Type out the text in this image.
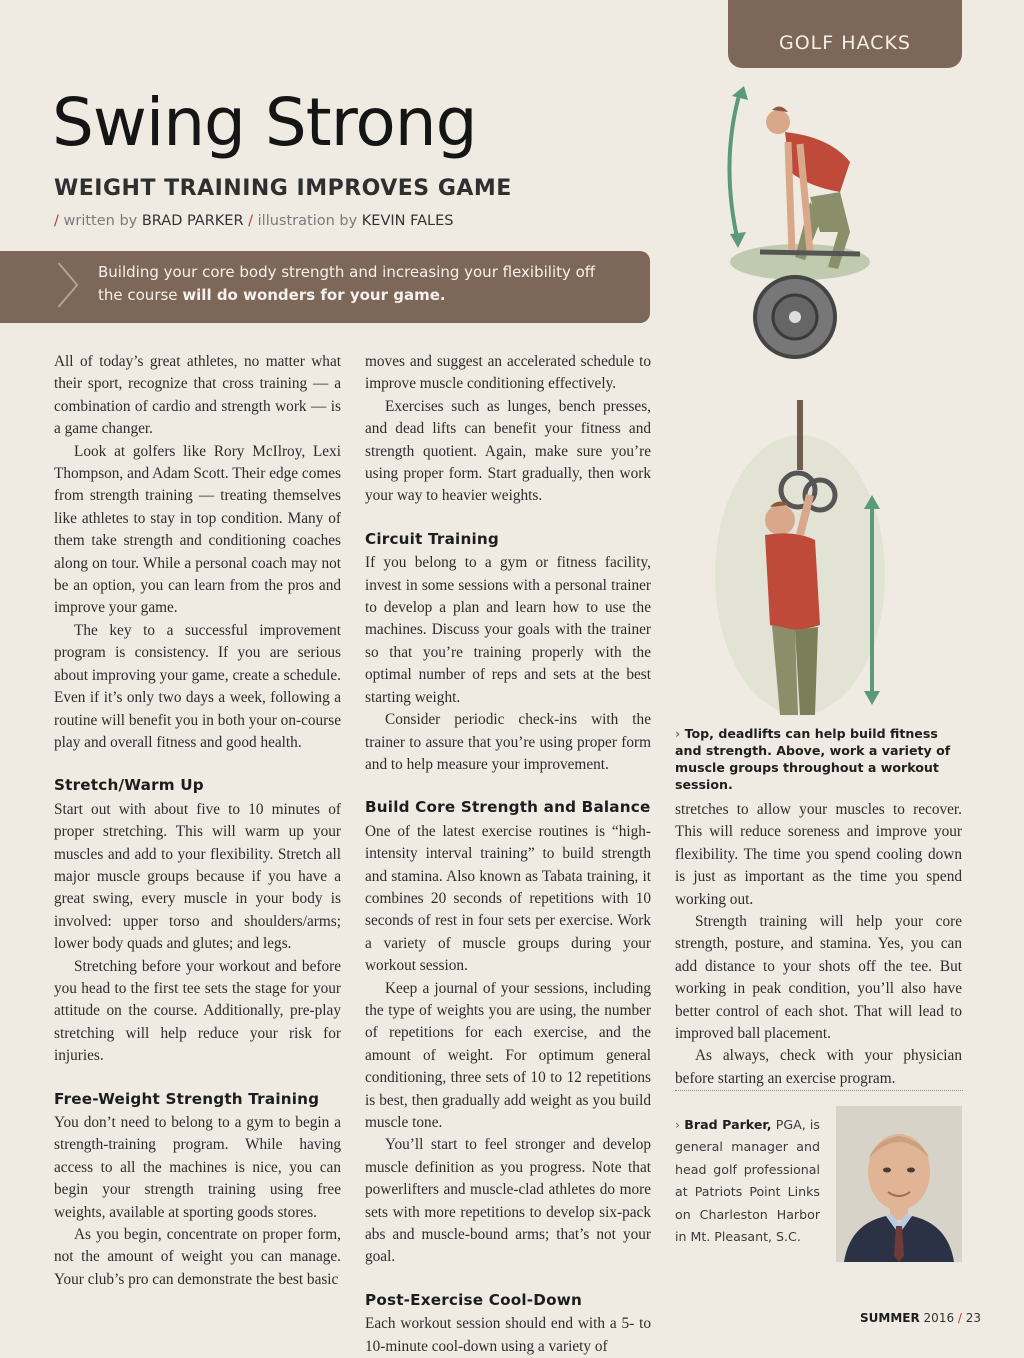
GOLF HACKS
Swing Strong
WEIGHT TRAINING IMPROVES GAME
/ written by BRAD PARKER / illustration by KEVIN FALES
〉
Building your core body strength and increasing your flexibility off the course will do wonders for your game.

All of today’s great athletes, no matter what their sport, recognize that cross training — a combination of cardio and strength work — is a game changer.

Look at golfers like Rory McIlroy, Lexi Thompson, and Adam Scott. Their edge comes from strength training — treating themselves like athletes to stay in top condition. Many of them take strength and conditioning coaches along on tour. While a personal coach may not be an option, you can learn from the pros and improve your game.

The key to a successful improvement program is consistency. If you are serious about improving your game, create a schedule. Even if it’s only two days a week, following a routine will benefit you in both your on-course play and overall fitness and good health.

Stretch/Warm Up

Start out with about five to 10 minutes of proper stretching. This will warm up your muscles and add to your flexibility. Stretch all major muscle groups because if you have a great swing, every muscle in your body is involved: upper torso and shoulders/arms; lower body quads and glutes; and legs.

Stretching before your workout and before you head to the first tee sets the stage for your attitude on the course. Additionally, pre-play stretching will help reduce your risk for injuries.

Free-Weight Strength Training

You don’t need to belong to a gym to begin a strength-training program. While having access to all the machines is nice, you can begin your strength training using free weights, available at sporting goods stores.

As you begin, concentrate on proper form, not the amount of weight you can manage. Your club’s pro can demonstrate the best basic

moves and suggest an accelerated schedule to improve muscle conditioning effectively.

Exercises such as lunges, bench presses, and dead lifts can benefit your fitness and strength quotient. Again, make sure you’re using proper form. Start gradually, then work your way to heavier weights.

Circuit Training

If you belong to a gym or fitness facility, invest in some sessions with a personal trainer to develop a plan and learn how to use the machines. Discuss your goals with the trainer so that you’re training properly with the optimal number of reps and sets at the best starting weight.

Consider periodic check-ins with the trainer to assure that you’re using proper form and to help measure your improvement.

Build Core Strength and Balance

One of the latest exercise routines is “high-intensity interval training” to build strength and stamina. Also known as Tabata training, it combines 20 seconds of repetitions with 10 seconds of rest in four sets per exercise. Work a variety of muscle groups during your workout session.

Keep a journal of your sessions, including the type of weights you are using, the number of repetitions for each exercise, and the amount of weight. For optimum general conditioning, three sets of 10 to 12 repetitions is best, then gradually add weight as you build muscle tone.

You’ll start to feel stronger and develop muscle definition as you progress. Note that powerlifters and muscle-clad athletes do more sets with more repetitions to develop six-pack abs and muscle-bound arms; that’s not your goal.

Post-Exercise Cool-Down

Each workout session should end with a 5- to 10-minute cool-down using a variety of

› Top, deadlifts can help build fitness and strength. Above, work a variety of muscle groups throughout a workout session.

stretches to allow your muscles to recover. This will reduce soreness and improve your flexibility. The time you spend cooling down is just as important as the time you spend working out.

Strength training will help your core strength, posture, and stamina. Yes, you can add distance to your shots off the tee. But working in peak condition, you’ll also have better control of each shot. That will lead to improved ball placement.

As always, check with your physician before starting an exercise program.

› Brad Parker, PGA, is general manager and head golf professional at Patriots Point Links on Charleston Harbor in Mt. Pleasant, S.C.
SUMMER 2016 / 23
